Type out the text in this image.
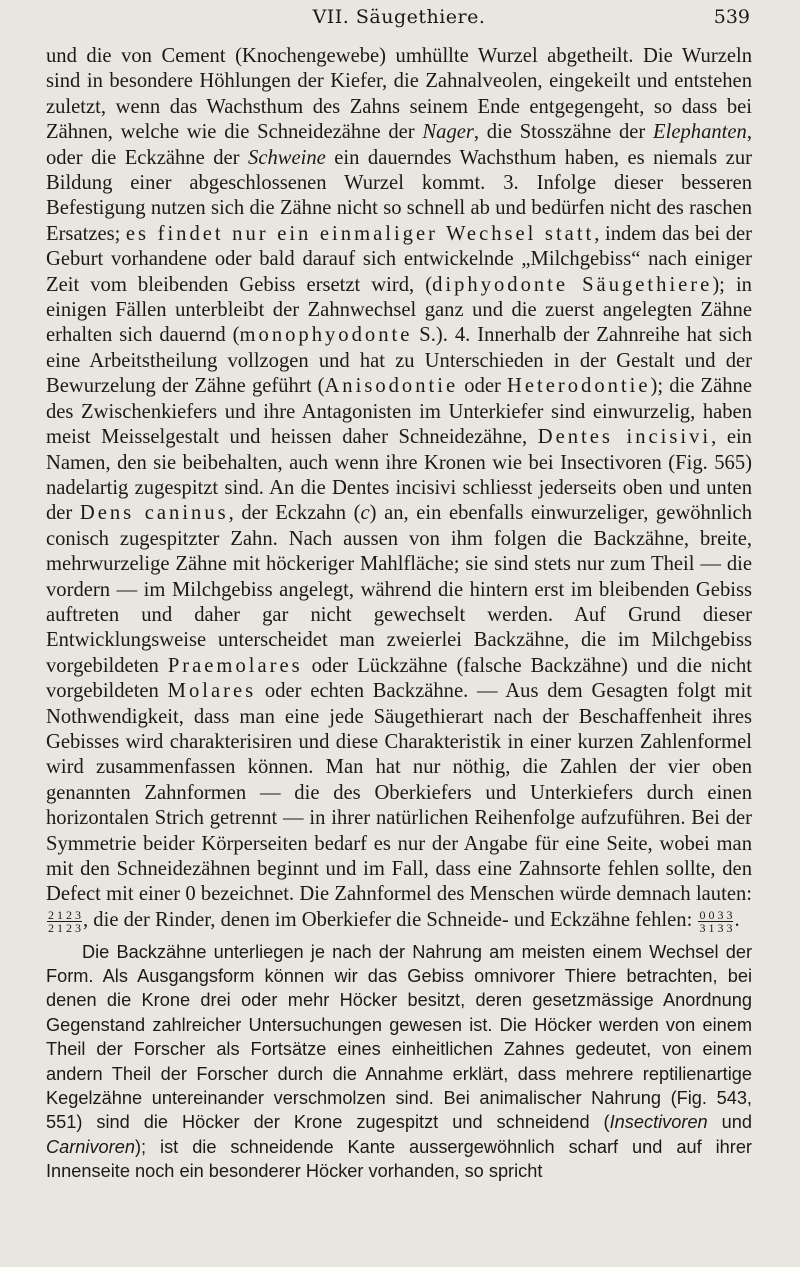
VII. Säugethiere.	539

und die von Cement (Knochengewebe) umhüllte Wurzel abgetheilt. Die Wurzeln sind in besondere Höhlungen der Kiefer, die Zahnalveolen, eingekeilt und entstehen zuletzt, wenn das Wachsthum des Zahns seinem Ende entgegengeht, so dass bei Zähnen, welche wie die Schneidezähne der Nager, die Stosszähne der Elephanten, oder die Eckzähne der Schweine ein dauerndes Wachsthum haben, es niemals zur Bildung einer abgeschlossenen Wurzel kommt. 3. Infolge dieser besseren Befestigung nutzen sich die Zähne nicht so schnell ab und bedürfen nicht des raschen Ersatzes; es findet nur ein einmaliger Wechsel statt, indem das bei der Geburt vorhandene oder bald darauf sich entwickelnde „Milchgebiss“ nach einiger Zeit vom bleibenden Gebiss ersetzt wird, (diphyodonte Säugethiere); in einigen Fällen unterbleibt der Zahnwechsel ganz und die zuerst angelegten Zähne erhalten sich dauernd (monophyodonte S.). 4. Innerhalb der Zahnreihe hat sich eine Arbeitstheilung vollzogen und hat zu Unterschieden in der Gestalt und der Bewurzelung der Zähne geführt (Anisodontie oder Heterodontie); die Zähne des Zwischenkiefers und ihre Antagonisten im Unterkiefer sind einwurzelig, haben meist Meisselgestalt und heissen daher Schneidezähne, Dentes incisivi, ein Namen, den sie beibehalten, auch wenn ihre Kronen wie bei Insectivoren (Fig. 565) nadelartig zugespitzt sind. An die Dentes incisivi schliesst jederseits oben und unten der Dens caninus, der Eckzahn (c) an, ein ebenfalls einwurzeliger, gewöhnlich conisch zugespitzter Zahn. Nach aussen von ihm folgen die Backzähne, breite, mehrwurzelige Zähne mit höckeriger Mahlfläche; sie sind stets nur zum Theil — die vordern — im Milchgebiss angelegt, während die hintern erst im bleibenden Gebiss auftreten und daher gar nicht gewechselt werden. Auf Grund dieser Entwicklungsweise unterscheidet man zweierlei Backzähne, die im Milchgebiss vorgebildeten Praemolares oder Lückzähne (falsche Backzähne) und die nicht vorgebildeten Molares oder echten Backzähne. — Aus dem Gesagten folgt mit Nothwendigkeit, dass man eine jede Säugethierart nach der Beschaffenheit ihres Gebisses wird charakterisiren und diese Charakteristik in einer kurzen Zahlenformel wird zusammenfassen können. Man hat nur nöthig, die Zahlen der vier oben genannten Zahnformen — die des Oberkiefers und Unterkiefers durch einen horizontalen Strich getrennt — in ihrer natürlichen Reihenfolge aufzuführen. Bei der Symmetrie beider Körperseiten bedarf es nur der Angabe für eine Seite, wobei man mit den Schneidezähnen beginnt und im Fall, dass eine Zahnsorte fehlen sollte, den Defect mit einer 0 bezeichnet. Die Zahnformel des Menschen würde demnach lauten:
$\frac{2 1 2 3}{2 1 2 3}$ , die der Rinder, denen im Oberkiefer die Schneide- und Eckzähne fehlen: $\frac{0 0 3 3}{3 1 3 3}$ .

Die Backzähne unterliegen je nach der Nahrung am meisten einem Wechsel der Form. Als Ausgangsform können wir das Gebiss omnivorer Thiere betrachten, bei denen die Krone drei oder mehr Höcker besitzt, deren gesetzmässige Anordnung Gegenstand zahlreicher Untersuchungen gewesen ist. Die Höcker werden von einem Theil der Forscher als Fortsätze eines einheitlichen Zahnes gedeutet, von einem andern Theil der Forscher durch die Annahme erklärt, dass mehrere reptilienartige Kegelzähne untereinander verschmolzen sind. Bei animalischer Nahrung (Fig. 543, 551) sind die Höcker der Krone zugespitzt und schneidend (Insectivoren und Carnivoren); ist die schneidende Kante aussergewöhnlich scharf und auf ihrer Innenseite noch ein besonderer Höcker vorhanden, so spricht
